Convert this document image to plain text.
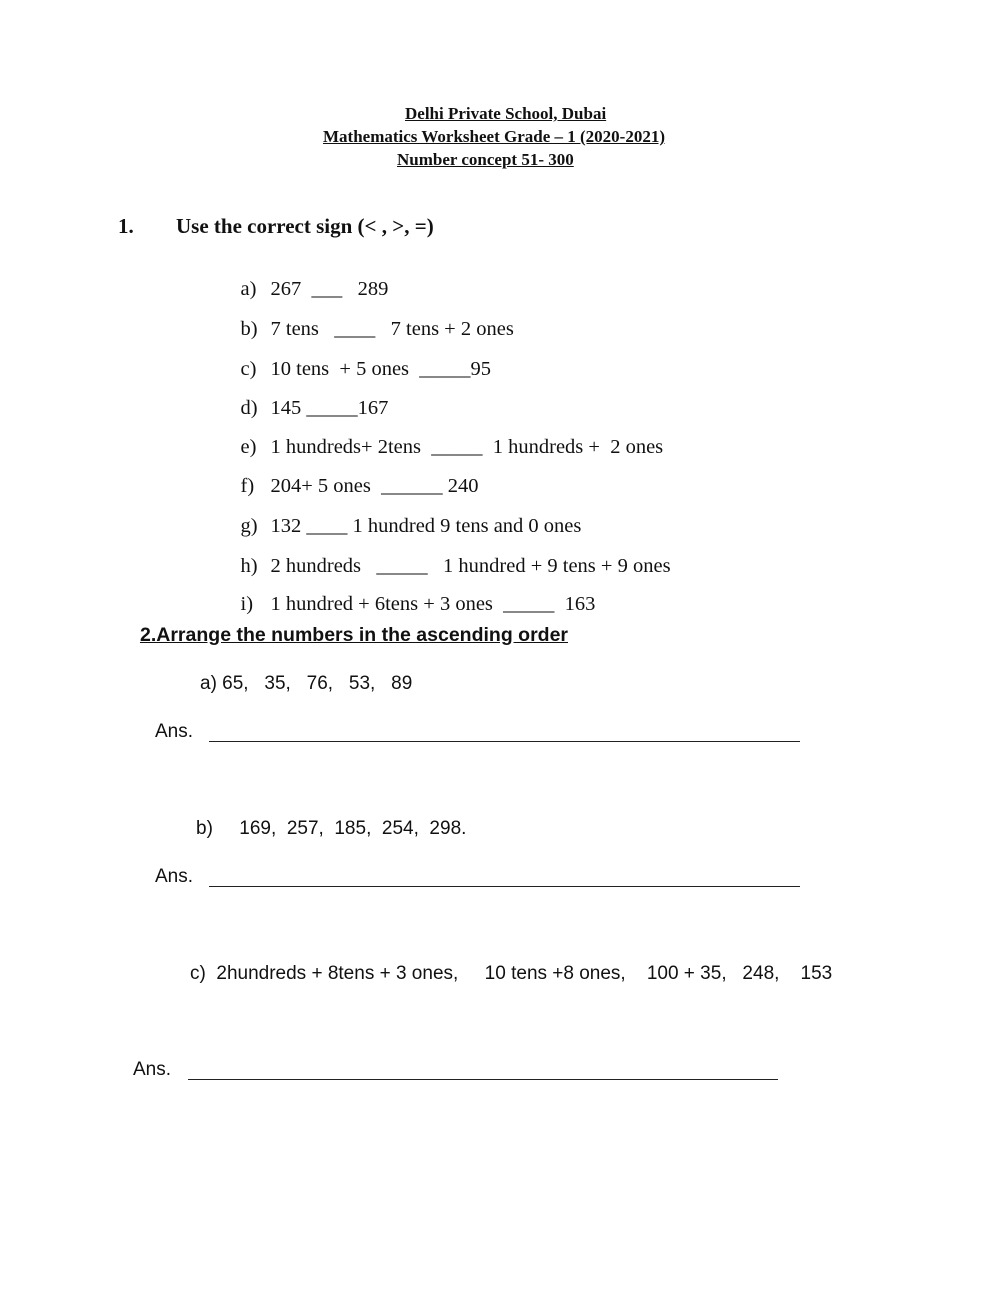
Delhi Private School, Dubai
Mathematics Worksheet Grade – 1 (2020-2021)
Number concept 51- 300
1. Use the correct sign (< , >, =)

a) 267  ___   289

b) 7 tens   ____   7 tens + 2 ones

c) 10 tens  + 5 ones  _____95

d) 145 _____167

e) 1 hundreds+ 2tens  _____  1 hundreds +  2 ones

f) 204+ 5 ones  ______ 240

g) 132 ____ 1 hundred 9 tens and 0 ones

h) 2 hundreds   _____   1 hundred + 9 tens + 9 ones

i) 1 hundred + 6tens + 3 ones  _____  163

2.Arrange the numbers in the ascending order
a) 65,   35,   76,   53,   89
Ans.
b)     169,  257,  185,  254,  298.
Ans.
c)  2hundreds + 8tens + 3 ones,     10 tens +8 ones,    100 + 35,   248,    153
Ans.
